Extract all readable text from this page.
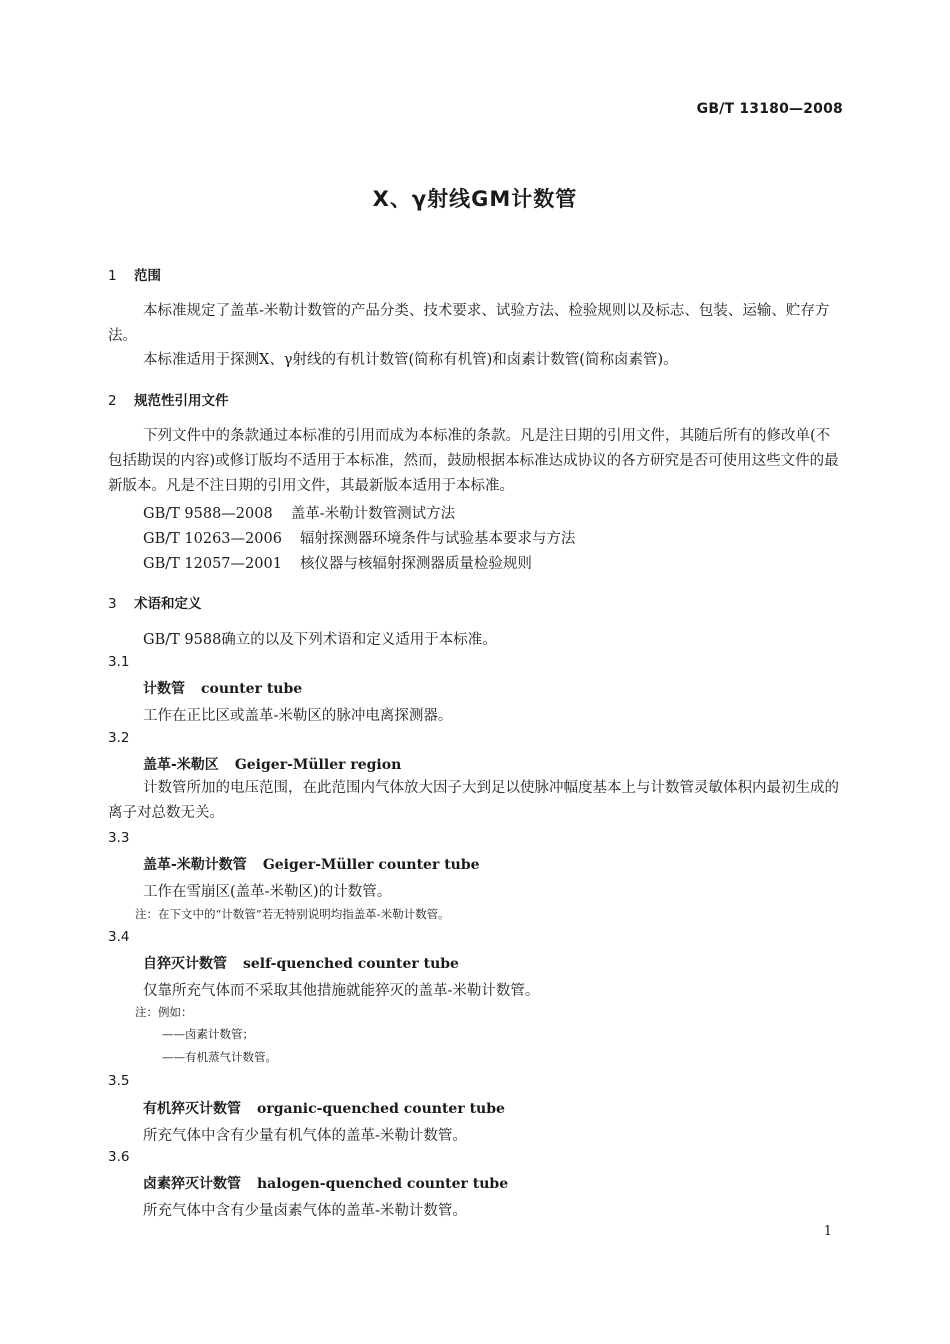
GB/T 13180—2008
X、γ射线GM计数管
1 范围
本标准规定了盖革-米勒计数管的产品分类、技术要求、试验方法、检验规则以及标志、包装、运输、贮存方法。
本标准适用于探测X、γ射线的有机计数管(简称有机管)和卤素计数管(简称卤素管)。
2 规范性引用文件
下列文件中的条款通过本标准的引用而成为本标准的条款。凡是注日期的引用文件，其随后所有的修改单(不包括勘误的内容)或修订版均不适用于本标准，然而，鼓励根据本标准达成协议的各方研究是否可使用这些文件的最新版本。凡是不注日期的引用文件，其最新版本适用于本标准。
GB/T 9588—2008 盖革-米勒计数管测试方法
GB/T 10263—2006 辐射探测器环境条件与试验基本要求与方法
GB/T 12057—2001 核仪器与核辐射探测器质量检验规则
3 术语和定义
GB/T 9588确立的以及下列术语和定义适用于本标准。
3.1
计数管 counter tube
工作在正比区或盖革-米勒区的脉冲电离探测器。
3.2
盖革-米勒区 Geiger-Müller region
计数管所加的电压范围，在此范围内气体放大因子大到足以使脉冲幅度基本上与计数管灵敏体积内最初生成的离子对总数无关。
3.3
盖革-米勒计数管 Geiger-Müller counter tube
工作在雪崩区(盖革-米勒区)的计数管。
注：在下文中的“计数管”若无特别说明均指盖革-米勒计数管。
3.4
自猝灭计数管 self-quenched counter tube
仅靠所充气体而不采取其他措施就能猝灭的盖革-米勒计数管。
注：例如：
——卤素计数管；
——有机蒸气计数管。
3.5
有机猝灭计数管 organic-quenched counter tube
所充气体中含有少量有机气体的盖革-米勒计数管。
3.6
卤素猝灭计数管 halogen-quenched counter tube
所充气体中含有少量卤素气体的盖革-米勒计数管。
1
